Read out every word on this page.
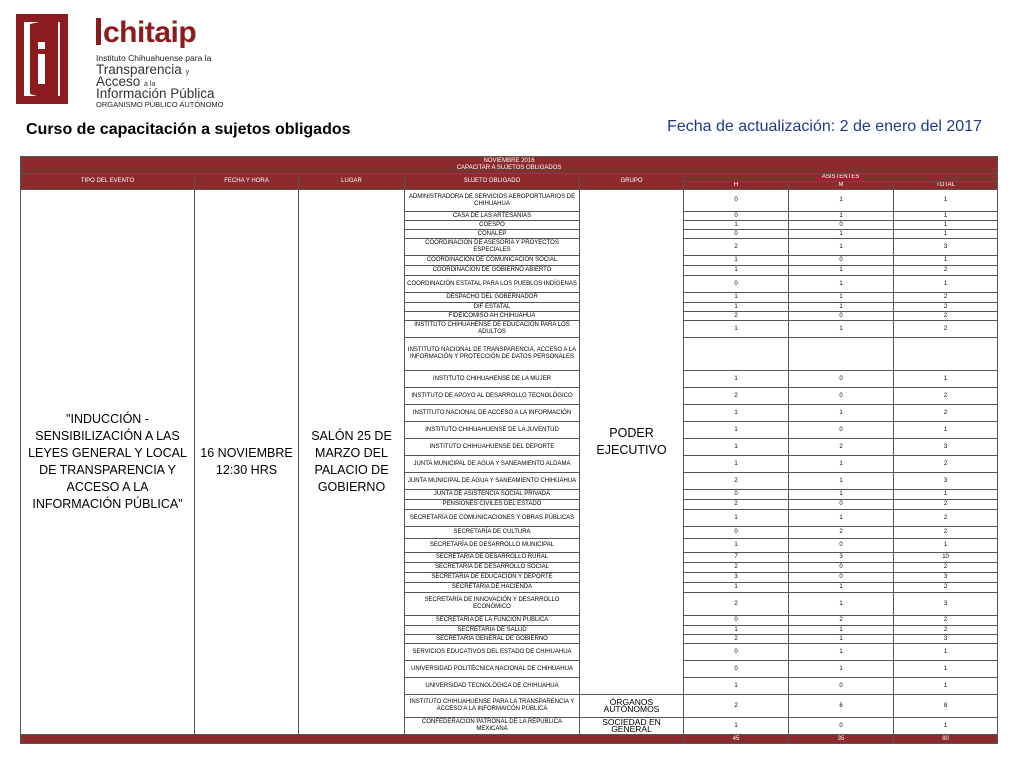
chitaip
Instituto Chihuahuense para la
Transparencia y
Acceso a la
Información Pública
ORGANISMO PÚBLICO AUTÓNOMO
Curso de capacitación a sujetos obligados	Fecha de actualización: 2 de enero del 2017
NOVIEMBRE 2016
CAPACITAR A SUJETOS OBLIGADOS							

TIPO DEL EVENTO	FECHA Y HORA	LUGAR	SUJETO OBLIGADO	GRUPO	ASISTENTES		
					H	M	TOTAL
"INDUCCIÓN - SENSIBILIZACIÓN A LAS LEYES GENERAL Y LOCAL DE TRANSPARENCIA Y ACCESO A LA INFORMACIÓN PÚBLICA"	16 NOVIEMBRE 12:30 HRS	SALÓN 25 DE MARZO DEL PALACIO DE GOBIERNO	ADMINISTRADORA DE SERVICIOS AEROPORTUARIOS DE CHIHUAHUA	PODER EJECUTIVO	0	1	1
			CASA DE LAS ARTESANÍAS		0	1	1
			COESPO		1	0	1
			CONALEP		0	1	1
			COORDINACIÓN DE ASESORÍA Y PROYECTOS ESPECIALES		2	1	3
			COORDINACIÓN DE COMUNICACIÓN SOCIAL		1	0	1
			COORDINACIÓN DE GOBIERNO ABIERTO		1	1	2
			COORDINACIÓN ESTATAL PARA LOS PUEBLOS INDÍGENAS		0	1	1
			DESPACHO DEL GOBERNADOR		1	1	2
			DIF ESTATAL		1	1	2
			FIDEICOMISO AH CHIHUAHUA		2	0	2
			INSTITUTO CHIHUAHENSE DE EDUCACIÓN PARA LOS ADULTOS		1	1	2
			INSTITUTO NACIONAL DE TRANSPARENCIA, ACCESO A LA INFORMACIÓN Y PROTECCIÓN DE DATOS PERSONALES				
			INSTITUTO CHIHUAHENSE DE LA MUJER		1	0	1
			INSTITUTO DE APOYO AL DESARROLLO TECNOLÓGICO		2	0	2
			INSTITUTO NACIONAL DE ACCESO A LA INFORMACIÓN		1	1	2
			INSTITUTO CHIHUAHUENSE DE LA JUVENTUD		1	0	1
			INSTITUTO CHIHUAHUENSE DEL DEPORTE		1	2	3
			JUNTA MUNICIPAL DE AGUA Y SANEAMIENTO ALDAMA		1	1	2
			JUNTA MUNICIPAL DE AGUA Y SANEAMIENTO CHIHUAHUA		2	1	3
			JUNTA DE ASISTENCIA SOCIAL PRIVADA		0	1	1
			PENSIONES CIVILES DEL ESTADO		2	0	2
			SECRETARÍA DE COMUNICACIONES Y OBRAS PÚBLICAS		1	1	2
			SECRETARÍA DE CULTURA		0	2	2
			SECRETARÍA DE DESARROLLO MUNICIPAL		1	0	1
			SECRETARÍA DE DESARROLLO RURAL		7	3	10
			SECRETARÍA DE DESARROLLO SOCIAL		2	0	2
			SECRETARÍA DE EDUCACIÓN Y DEPORTE		3	0	3
			SECRETARÍA DE HACIENDA		1	1	2
			SECRETARÍA DE INNOVACIÓN Y DESARROLLO ECONÓMICO		2	1	3
			SECRETARÍA DE LA FUNCIÓN PÚBLICA		0	2	2
			SECRETARÍA DE SALUD		1	1	2
			SECRETARÍA GENERAL DE GOBIERNO		2	1	3
			SERVICIOS EDUCATIVOS DEL ESTADO DE CHIHUAHUA		0	1	1
			UNIVERSIDAD POLITÉCNICA NACIONAL DE CHIHUAHUA		0	1	1
			UNIVERSIDAD TECNOLÓGICA DE CHIHUAHUA		1	0	1
			INSTITUTO CHIHUAHUENSE PARA LA TRANSPARENCIA Y ACCESO A LA INFORMAICÓN PÚBLICA	ÓRGANOS AUTÓNOMOS	2	6	8
			CONFEDERACIÓN PATRONAL DE LA REPÚBLICA MEXICANA	SOCIEDAD EN GENERAL	1	0	1
					45	35	80
